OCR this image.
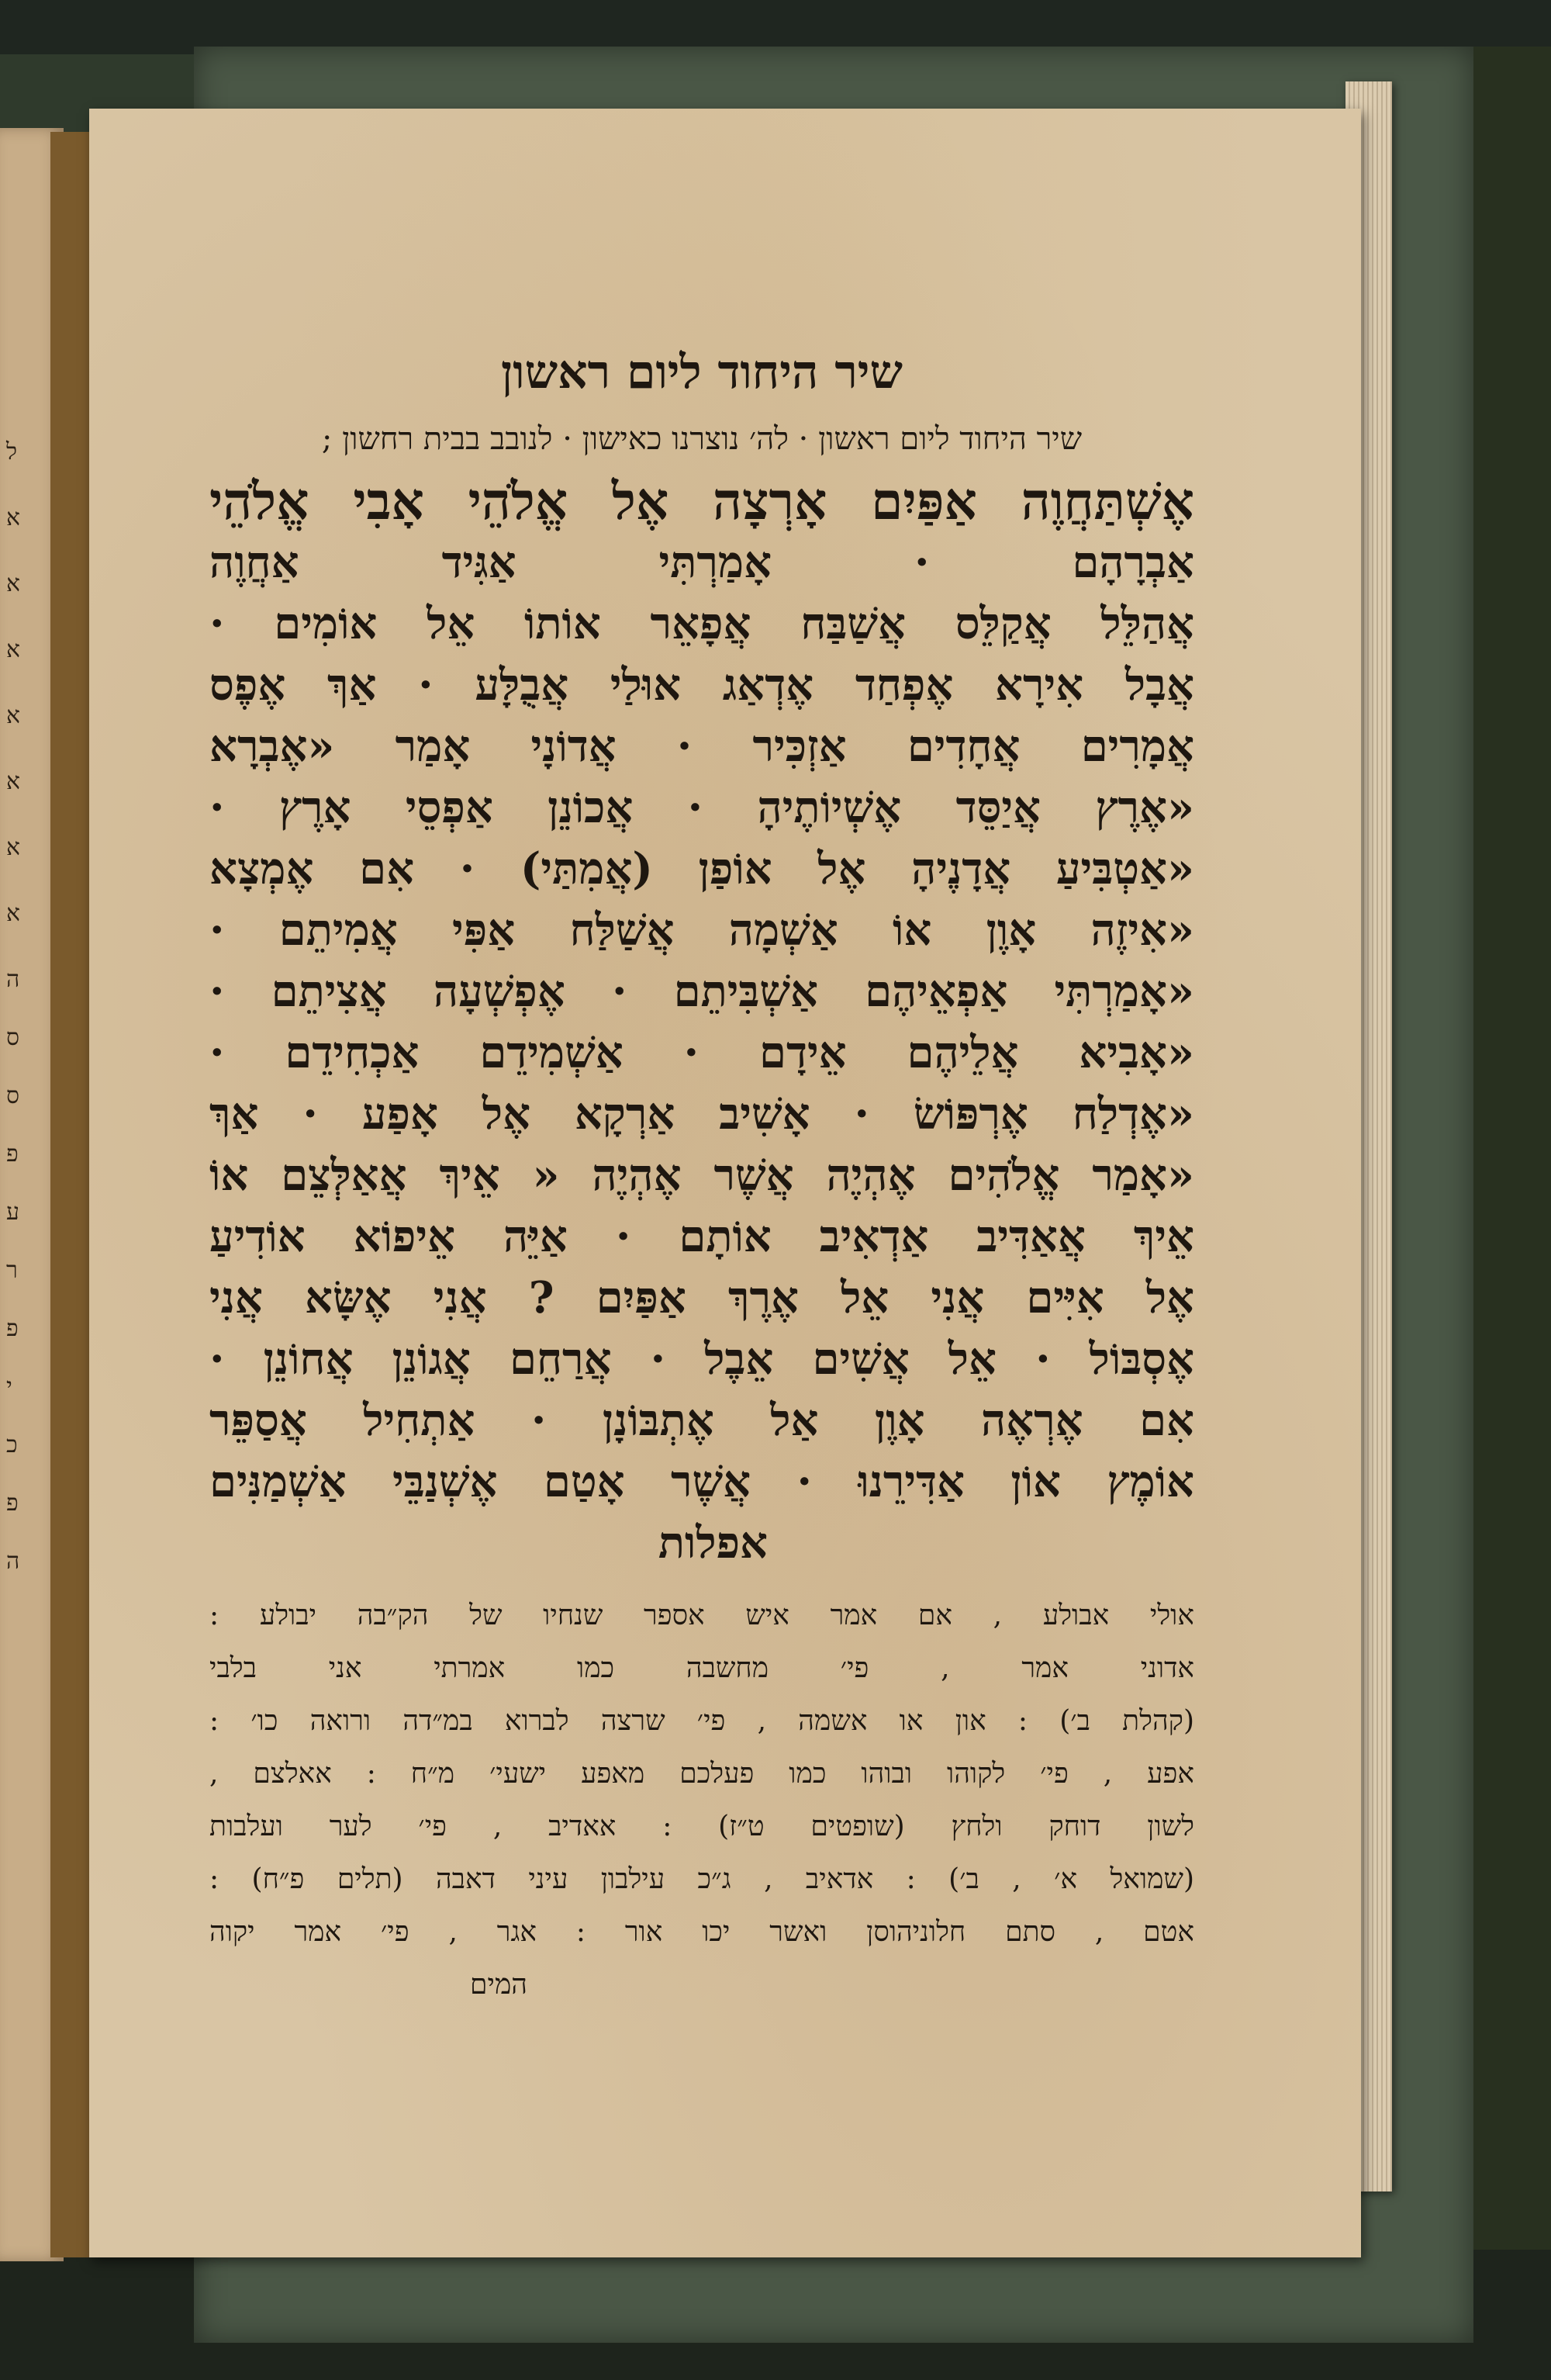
ל
א
א
א
א
א
א
א
ה
ס
ס
פ
ע
ר
פ
י
כ
פ
ה
שיר היחוד ליום ראשון
שיר היחוד ליום ראשון · לה׳ נוצרנו כאישון · לנובב בבית רחשון ;
אֶשְׁתַּחֲוֶה אַפַּיִם אָרְצָה אֶל אֱלֹהֵי אָבִי אֱלֹהֵי
אַבְרָהָם · אָמַרְתִּי אַגִּיד אַחֲוֶה
אֲהַלֵּל אֲקַלֵּס אֲשַׁבַּח אֲפָאֵר אוֹתוֹ אֵל אוֹמִים ·
אֲבָל אִירָא אֶפְחַד אֶדְאַג אוּלַי אֲבֻלָּע · אַךְ אֶפֶס
אֲמָרִים אֲחָדִים אַזְכִּיר · אֲדוֹנָי אָמַר «אֶבְרָא
«אֶרֶץ אֲיַסֵּד אֶשְׁיוֹתֶיהָ · אֲכוֹנֵן אַפְסֵי אָרֶץ ·
«אַטְבִּיעַ אֲדָנֶיהָ אֶל אוֹפַן (אֲמִתַּי) · אִם אֶמְצָא
«אִיזֶה אָוֶן אוֹ אַשְׁמָה אֲשַׁלַּח אַפִּי אֲמִיתֵם ·
«אָמַרְתִּי אַפְאֵיהֶם אַשְׁבִּיתֵם · אֶפְשְׁעָה אֲצִיתֵם ·
«אָבִיא אֲלֵיהֶם אֵידָם · אַשְׁמִידֵם אַכְחִידֵם ·
«אֶדְלַח אֶרְפּוֹשׂ · אָשִׁיב אַרְקָא אֶל אָפַע · אַךְ
«אָמַר אֱלֹהִים אֶהְיֶה אֲשֶׁר אֶהְיֶה « אֵיךְ אֲאַלְּצֵם אוֹ
אֵיךְ אֲאַדִּיב אַדְאִיב אוֹתָם · אַיֵּה אֵיפוֹא אוֹדִיעַ
אֶל אִיִּים אֲנִי אֵל אֶרֶךְ אַפַּיִם ? אֲנִי אֶשָּׂא אֲנִי
אֶסְבּוֹל · אֵל אֲשִׁים אֵבֶל · אֲרַחֵם אֲגוֹנֵן אֲחוֹנֵן ·
אִם אֶרְאֶה אָוֶן אַל אֶתְבּוֹנָן · אַתְחִיל אֲסַפֵּר
אוֹמֶץ אוֹן אַדִּירֵנוּ · אֲשֶׁר אָטַם אֶשְׁנַבֵּי אַשְׁמַנִּים
אפלות
אולי אבולע , אם אמר איש אספר שנחיו של הק״בה יבולע :
אדוני אמר , פי׳ מחשבה כמו אמרתי אני בלבי
(קהלת ב׳) : און או אשמה , פי׳ שרצה לברוא במ״דה ורואה כו׳ :
אפע , פי׳ לקוהו ובוהו כמו פעלכם מאפע ישעי׳ מ״ח : אאלצם ,
לשון דוחק ולחץ (שופטים ט״ז) : אאדיב , פי׳ לער ועלבות
(שמואל א׳ , ב׳) : אדאיב , ג״כ עילבון עיני דאבה (תלים פ״ח) :
אטם , סתם חלוניהוסן ואשר יכו אור : אגר , פי׳ אמר יקוה
המים
